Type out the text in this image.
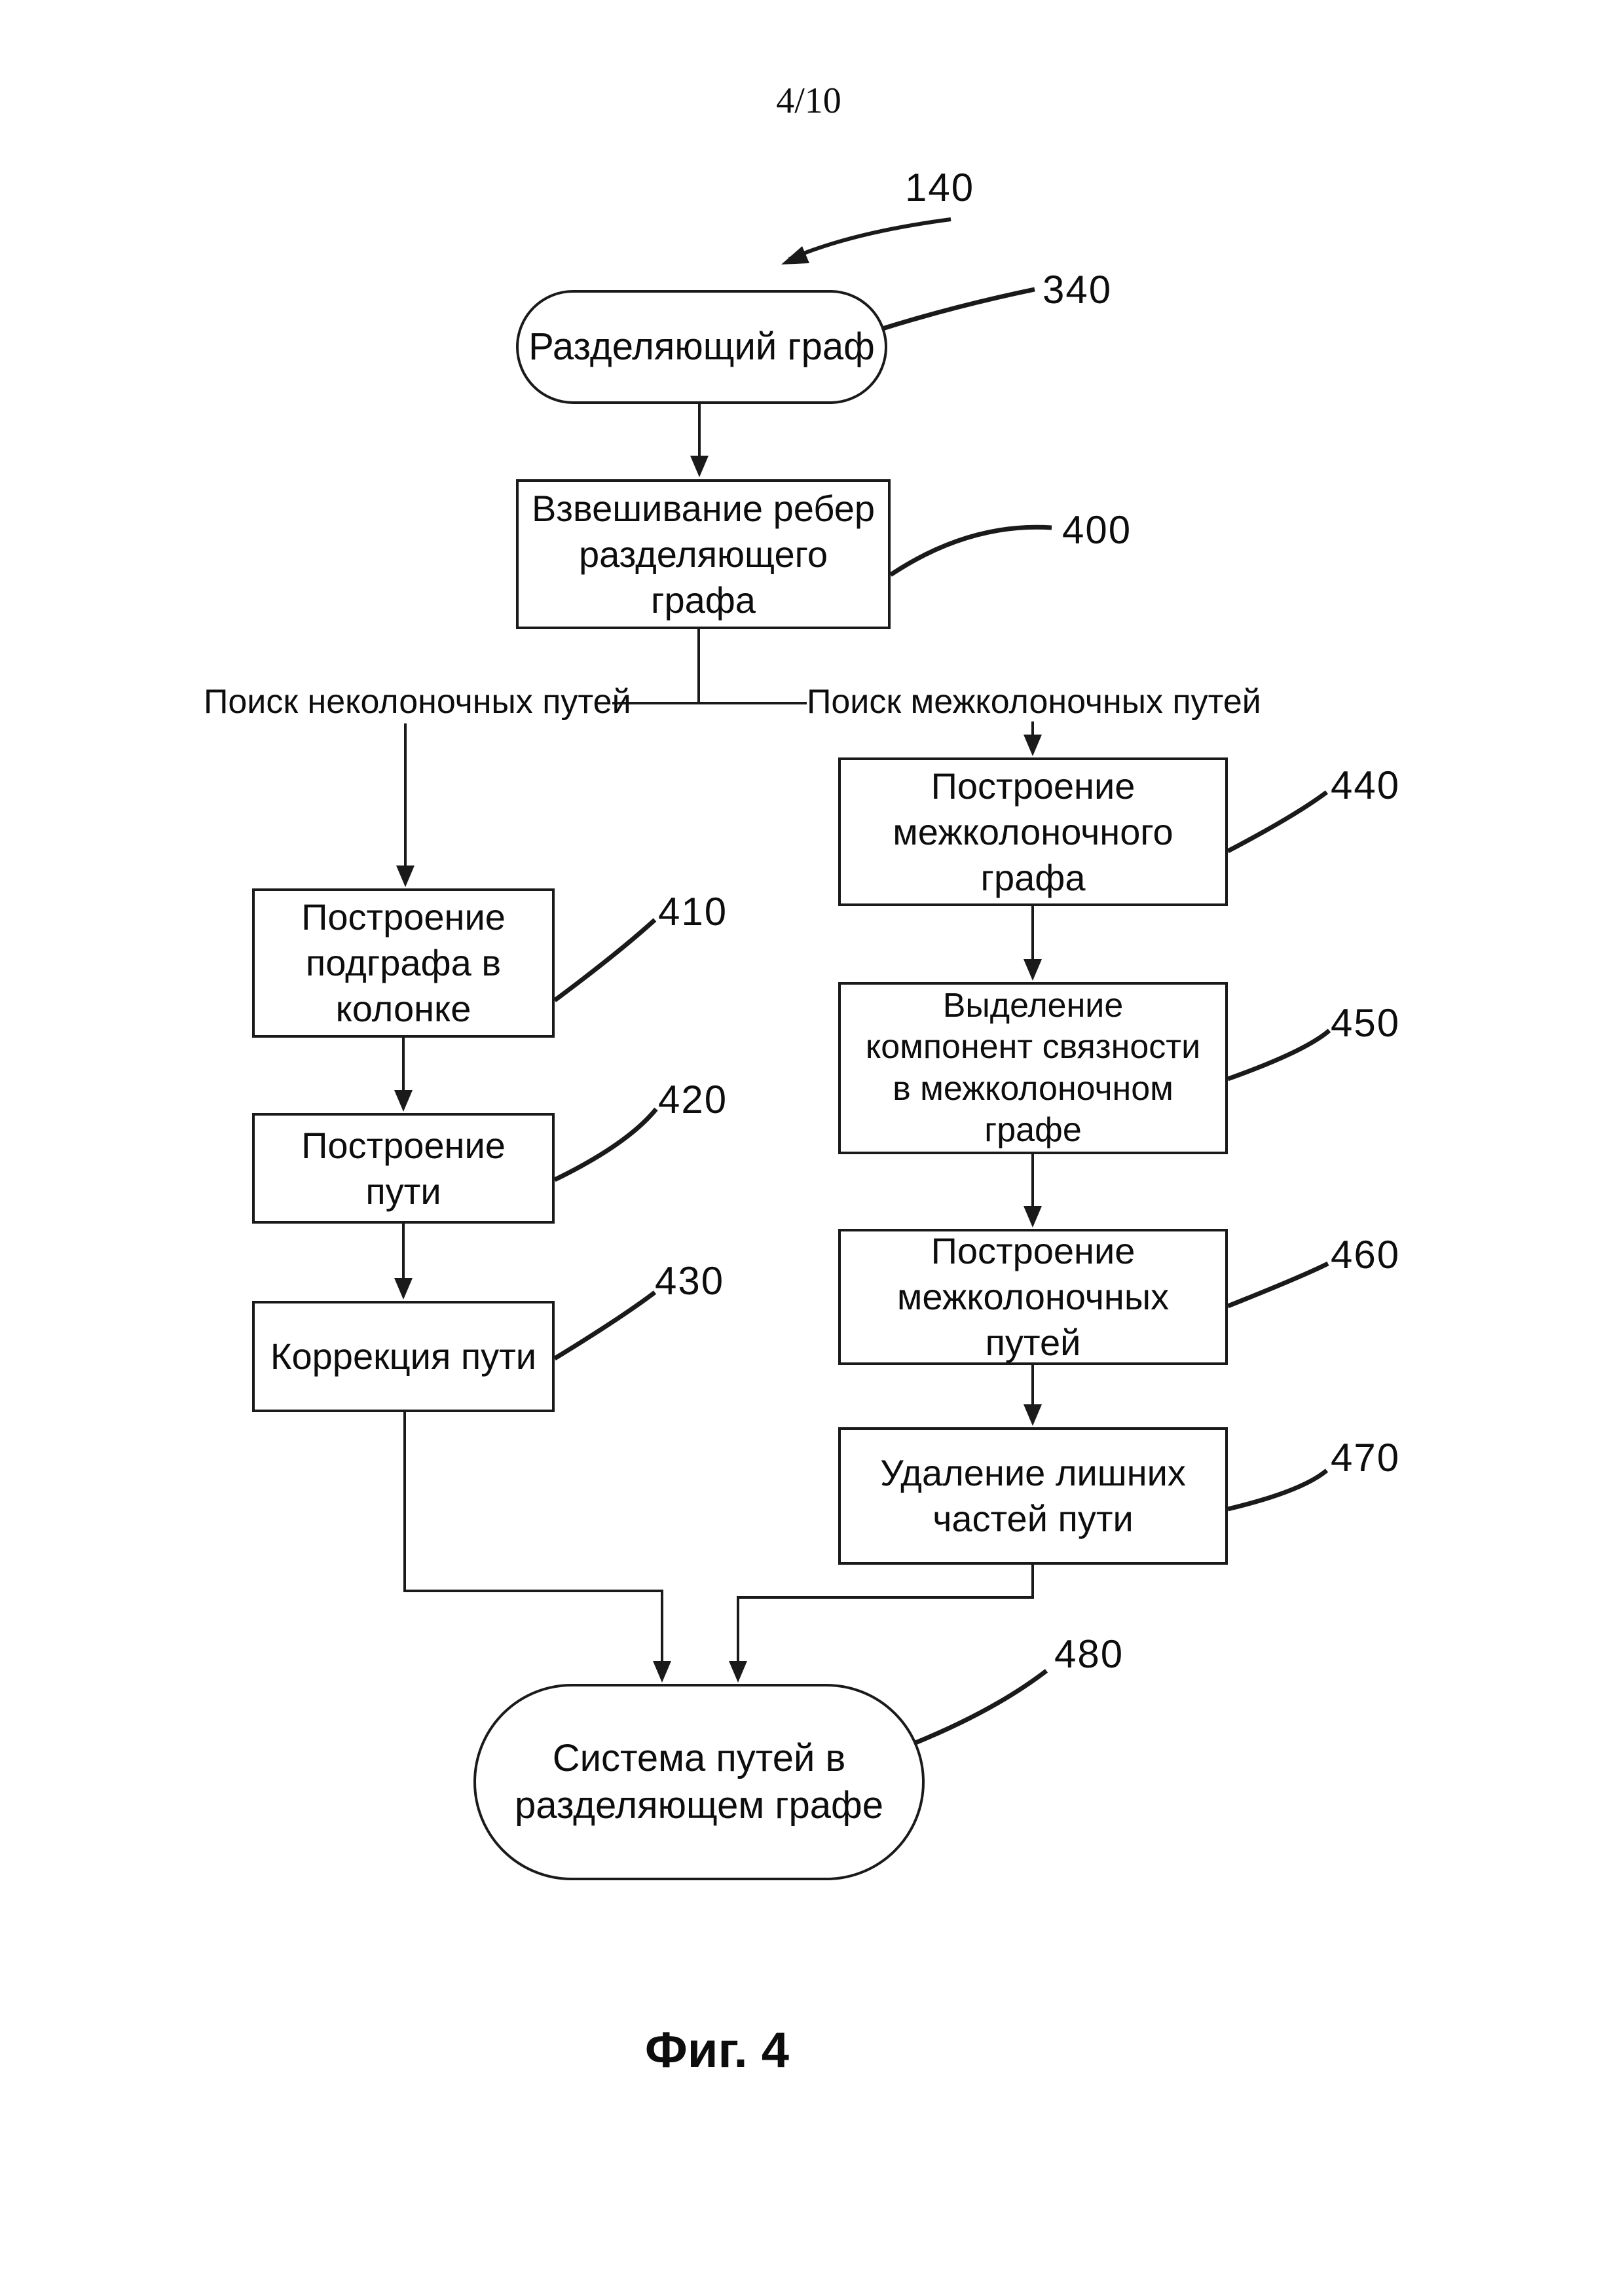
4/10
140
Разделяющий граф
340
Взвешивание ребер
разделяющего
графа
400
Поиск неколоночных путей	Поиск межколоночных путей
Построение
подграфа в
колонке
410
Построение
пути
420
Коррекция пути
430
Построение
межколоночного
графа
440
Выделение
компонент связности
в межколоночном
графе
450
Построение
межколоночных
путей
460
Удаление лишних
частей пути
470
Система путей в
разделяющем графе
480
Фиг. 4
